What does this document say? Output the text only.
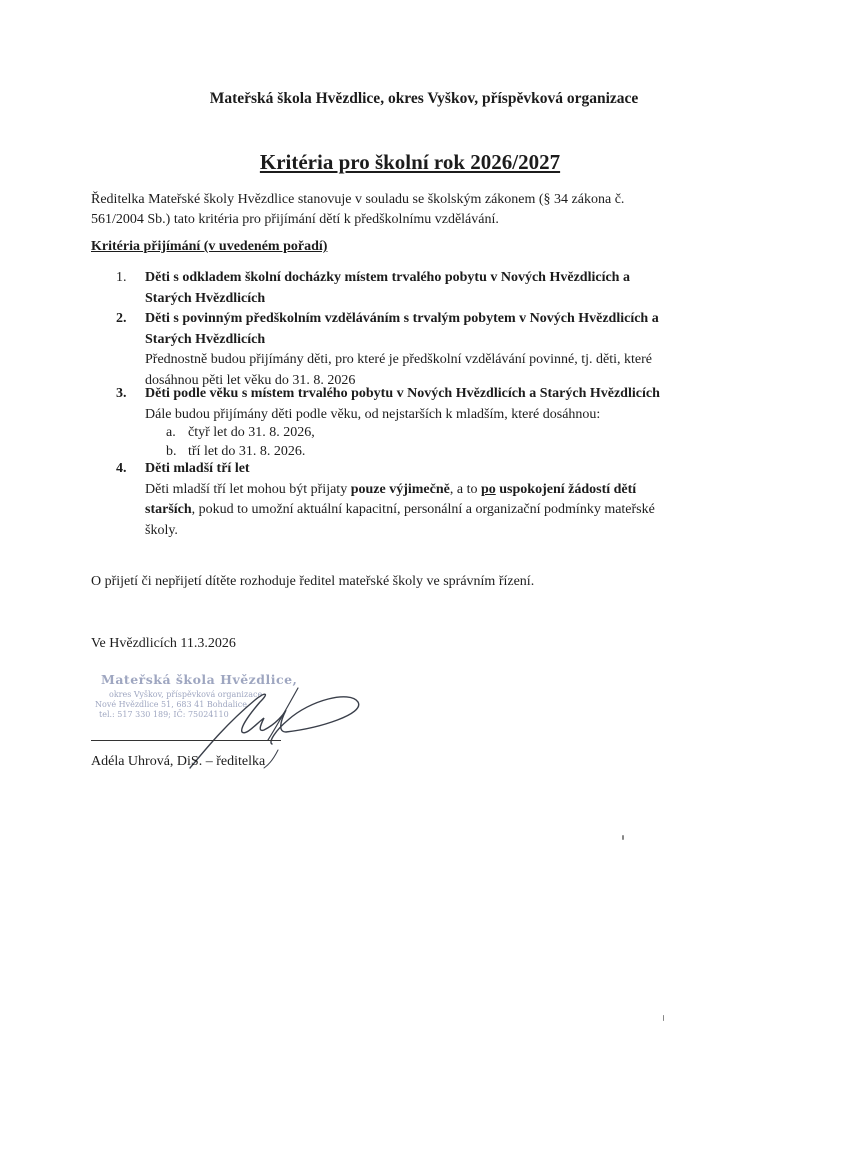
Mateřská škola Hvězdlice, okres Vyškov, příspěvková organizace
Kritéria pro školní rok 2026/2027
Ředitelka Mateřské školy Hvězdlice stanovuje v souladu se školským zákonem (§ 34 zákona č.
561/2004 Sb.) tato kritéria pro přijímání dětí k předškolnímu vzdělávání.
Kritéria přijímání (v uvedeném pořadí)
1. Děti s odkladem školní docházky místem trvalého pobytu v Nových Hvězdlicích a
Starých Hvězdlicích
2. Děti s povinným předškolním vzděláváním s trvalým pobytem v Nových Hvězdlicích a
Starých Hvězdlicích
Přednostně budou přijímány děti, pro které je předškolní vzdělávání povinné, tj. děti, které
dosáhnou pěti let věku do 31. 8. 2026
3. Děti podle věku s místem trvalého pobytu v Nových Hvězdlicích a Starých Hvězdlicích
Dále budou přijímány děti podle věku, od nejstarších k mladším, které dosáhnou:
a. čtyř let do 31. 8. 2026,
b. tří let do 31. 8. 2026.
4. Děti mladší tří let
Děti mladší tří let mohou být přijaty pouze výjimečně, a to po uspokojení žádostí dětí
starších, pokud to umožní aktuální kapacitní, personální a organizační podmínky mateřské
školy.
O přijetí či nepřijetí dítěte rozhoduje ředitel mateřské školy ve správním řízení.
Ve Hvězdlicích 11.3.2026
Mateřská škola Hvězdlice,
okres Vyškov, příspěvková organizace
Nové Hvězdlice 51, 683 41 Bohdalice
tel.: 517 330 189; IČ: 75024110
Adéla Uhrová, DiS. – ředitelka
